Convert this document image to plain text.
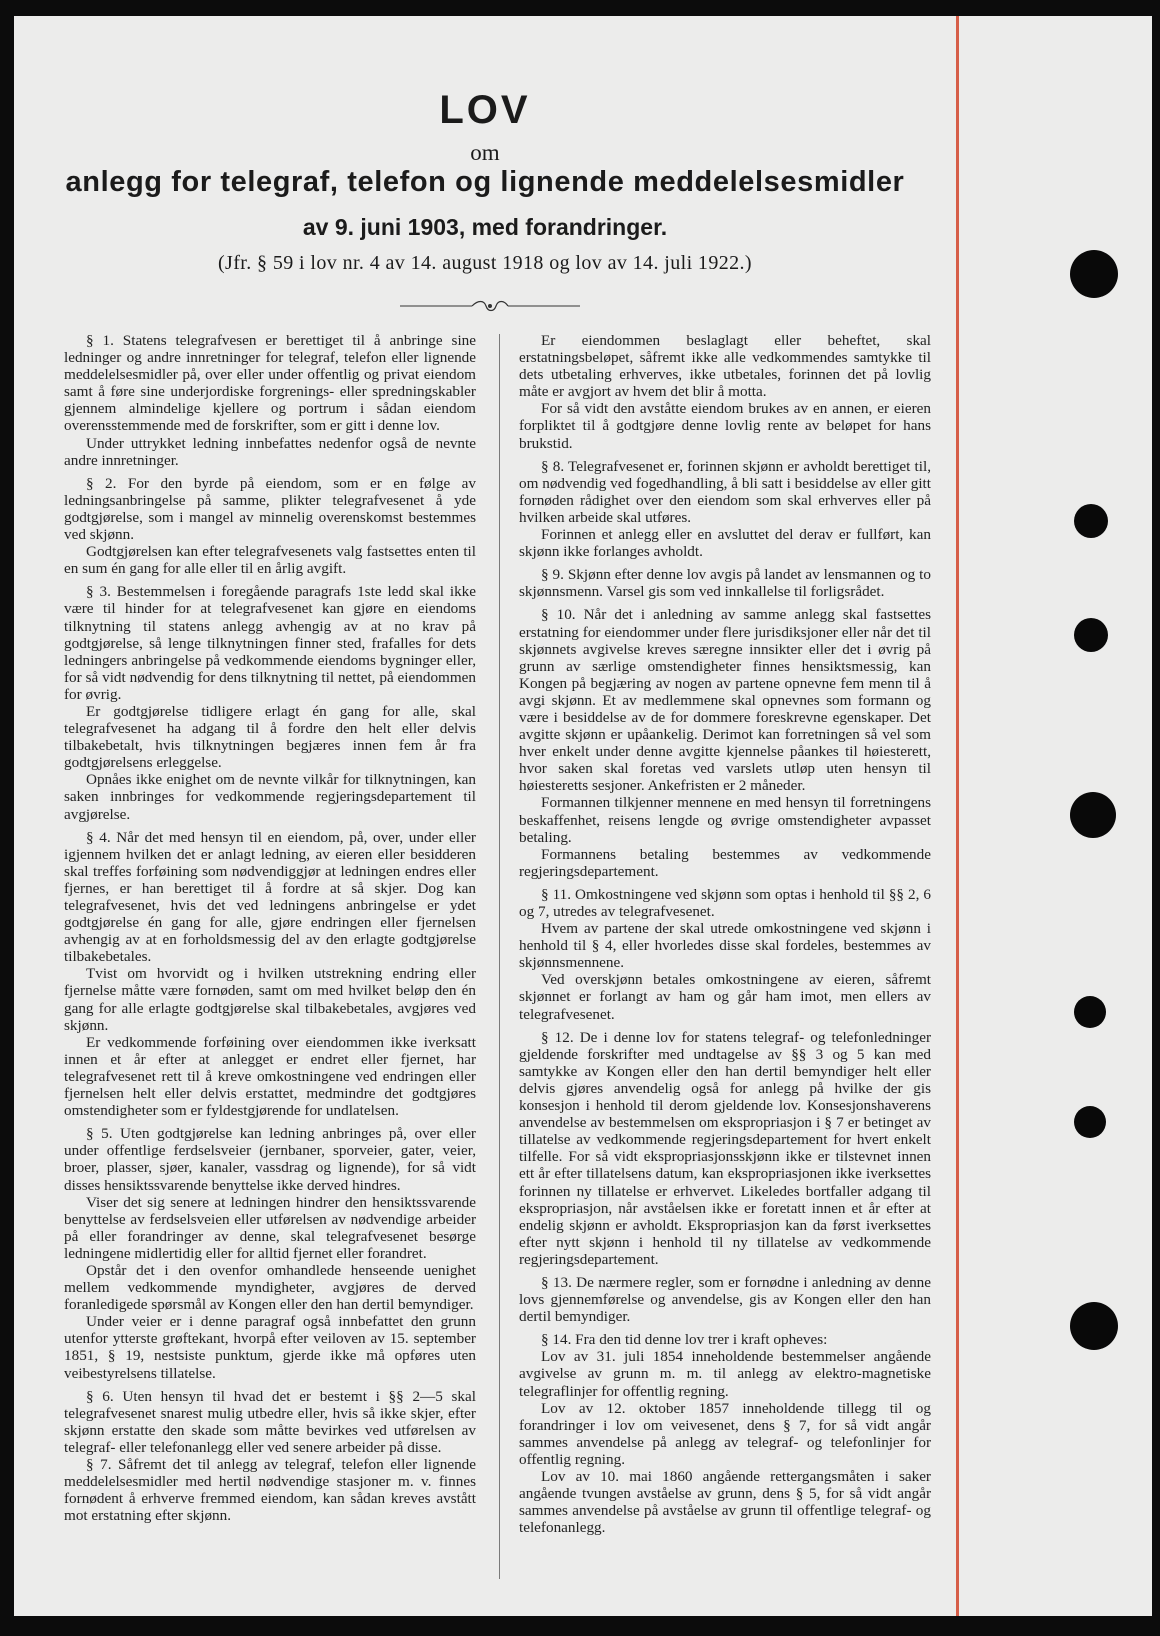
LOV
om
anlegg for telegraf, telefon og lignende meddelelsesmidler
av 9. juni 1903, med forandringer.
(Jfr. § 59 i lov nr. 4 av 14. august 1918 og lov av 14. juli 1922.)

§ 1. Statens telegrafvesen er berettiget til å anbringe sine ledninger og andre innretninger for telegraf, telefon eller lignende meddelelsesmidler på, over eller under offentlig og privat eiendom samt å føre sine underjordiske forgrenings- eller spredningskabler gjennem almindelige kjellere og portrum i sådan eiendom overensstemmende med de forskrifter, som er gitt i denne lov.

Under uttrykket ledning innbefattes nedenfor også de nevnte andre innretninger.

§ 2. For den byrde på eiendom, som er en følge av ledningsanbringelse på samme, plikter telegrafvesenet å yde godtgjørelse, som i mangel av minnelig overenskomst bestemmes ved skjønn.

Godtgjørelsen kan efter telegrafvesenets valg fastsettes enten til en sum én gang for alle eller til en årlig avgift.

§ 3. Bestemmelsen i foregående paragrafs 1ste ledd skal ikke være til hinder for at telegrafvesenet kan gjøre en eiendoms tilknytning til statens anlegg avhengig av at no krav på godtgjørelse, så lenge tilknytningen finner sted, frafalles for dets ledningers anbringelse på vedkommende eiendoms bygninger eller, for så vidt nødvendig for dens tilknytning til nettet, på eiendommen for øvrig.

Er godtgjørelse tidligere erlagt én gang for alle, skal telegrafvesenet ha adgang til å fordre den helt eller delvis tilbakebetalt, hvis tilknytningen begjæres innen fem år fra godtgjørelsens erleggelse.

Opnåes ikke enighet om de nevnte vilkår for tilknytningen, kan saken innbringes for vedkommende regjeringsdepartement til avgjørelse.

§ 4. Når det med hensyn til en eiendom, på, over, under eller igjennem hvilken det er anlagt ledning, av eieren eller besidderen skal treffes forføining som nødvendiggjør at ledningen endres eller fjernes, er han berettiget til å fordre at så skjer. Dog kan telegrafvesenet, hvis det ved ledningens anbringelse er ydet godtgjørelse én gang for alle, gjøre endringen eller fjernelsen avhengig av at en forholdsmessig del av den erlagte godtgjørelse tilbakebetales.

Tvist om hvorvidt og i hvilken utstrekning endring eller fjernelse måtte være fornøden, samt om med hvilket beløp den én gang for alle erlagte godtgjørelse skal tilbakebetales, avgjøres ved skjønn.

Er vedkommende forføining over eiendommen ikke iverksatt innen et år efter at anlegget er endret eller fjernet, har telegrafvesenet rett til å kreve omkostningene ved endringen eller fjernelsen helt eller delvis erstattet, medmindre det godtgjøres omstendigheter som er fyldestgjørende for undlatelsen.

§ 5. Uten godtgjørelse kan ledning anbringes på, over eller under offentlige ferdselsveier (jernbaner, sporveier, gater, veier, broer, plasser, sjøer, kanaler, vassdrag og lignende), for så vidt disses hensiktssvarende benyttelse ikke derved hindres.

Viser det sig senere at ledningen hindrer den hensiktssvarende benyttelse av ferdselsveien eller utførelsen av nødvendige arbeider på eller forandringer av denne, skal telegrafvesenet besørge ledningene midlertidig eller for alltid fjernet eller forandret.

Opstår det i den ovenfor omhandlede henseende uenighet mellem vedkommende myndigheter, avgjøres de derved foranledigede spørsmål av Kongen eller den han dertil bemyndiger.

Under veier er i denne paragraf også innbefattet den grunn utenfor ytterste grøftekant, hvorpå efter veiloven av 15. september 1851, § 19, nestsiste punktum, gjerde ikke må opføres uten veibestyrelsens tillatelse.

§ 6. Uten hensyn til hvad det er bestemt i §§ 2—5 skal telegrafvesenet snarest mulig utbedre eller, hvis så ikke skjer, efter skjønn erstatte den skade som måtte bevirkes ved utførelsen av telegraf- eller telefonanlegg eller ved senere arbeider på disse.

§ 7. Såfremt det til anlegg av telegraf, telefon eller lignende meddelelsesmidler med hertil nødvendige stasjoner m. v. finnes fornødent å erhverve fremmed eiendom, kan sådan kreves avstått mot erstatning efter skjønn.

Er eiendommen beslaglagt eller beheftet, skal erstatningsbeløpet, såfremt ikke alle vedkommendes samtykke til dets utbetaling erhverves, ikke utbetales, forinnen det på lovlig måte er avgjort av hvem det blir å motta.

For så vidt den avståtte eiendom brukes av en annen, er eieren forpliktet til å godtgjøre denne lovlig rente av beløpet for hans brukstid.

§ 8. Telegrafvesenet er, forinnen skjønn er avholdt berettiget til, om nødvendig ved fogedhandling, å bli satt i besiddelse av eller gitt fornøden rådighet over den eiendom som skal erhverves eller på hvilken arbeide skal utføres.

Forinnen et anlegg eller en avsluttet del derav er fullført, kan skjønn ikke forlanges avholdt.

§ 9. Skjønn efter denne lov avgis på landet av lensmannen og to skjønnsmenn. Varsel gis som ved innkallelse til forligsrådet.

§ 10. Når det i anledning av samme anlegg skal fastsettes erstatning for eiendommer under flere jurisdiksjoner eller når det til skjønnets avgivelse kreves særegne innsikter eller det i øvrig på grunn av særlige omstendigheter finnes hensiktsmessig, kan Kongen på begjæring av nogen av partene opnevne fem menn til å avgi skjønn. Et av medlemmene skal opnevnes som formann og være i besiddelse av de for dommere foreskrevne egenskaper. Det avgitte skjønn er upåankelig. Derimot kan forretningen så vel som hver enkelt under denne avgitte kjennelse påankes til høiesterett, hvor saken skal foretas ved varslets utløp uten hensyn til høiesteretts sesjoner. Ankefristen er 2 måneder.

Formannen tilkjenner mennene en med hensyn til forretningens beskaffenhet, reisens lengde og øvrige omstendigheter avpasset betaling.

Formannens betaling bestemmes av vedkommende regjeringsdepartement.

§ 11. Omkostningene ved skjønn som optas i henhold til §§ 2, 6 og 7, utredes av telegrafvesenet.

Hvem av partene der skal utrede omkostningene ved skjønn i henhold til § 4, eller hvorledes disse skal fordeles, bestemmes av skjønnsmennene.

Ved overskjønn betales omkostningene av eieren, såfremt skjønnet er forlangt av ham og går ham imot, men ellers av telegrafvesenet.

§ 12. De i denne lov for statens telegraf- og telefonledninger gjeldende forskrifter med undtagelse av §§ 3 og 5 kan med samtykke av Kongen eller den han dertil bemyndiger helt eller delvis gjøres anvendelig også for anlegg på hvilke der gis konsesjon i henhold til derom gjeldende lov. Konsesjonshaverens anvendelse av bestemmelsen om ekspropriasjon i § 7 er betinget av tillatelse av vedkommende regjeringsdepartement for hvert enkelt tilfelle. For så vidt ekspropriasjonsskjønn ikke er tilstevnet innen ett år efter tillatelsens datum, kan ekspropriasjonen ikke iverksettes forinnen ny tillatelse er erhvervet. Likeledes bortfaller adgang til ekspropriasjon, når avståelsen ikke er foretatt innen et år efter at endelig skjønn er avholdt. Ekspropriasjon kan da først iverksettes efter nytt skjønn i henhold til ny tillatelse av vedkommende regjeringsdepartement.

§ 13. De nærmere regler, som er fornødne i anledning av denne lovs gjennemførelse og anvendelse, gis av Kongen eller den han dertil bemyndiger.

§ 14. Fra den tid denne lov trer i kraft opheves:

Lov av 31. juli 1854 inneholdende bestemmelser angående avgivelse av grunn m. m. til anlegg av elektro-magnetiske telegraflinjer for offentlig regning.

Lov av 12. oktober 1857 inneholdende tillegg til og forandringer i lov om veivesenet, dens § 7, for så vidt angår sammes anvendelse på anlegg av telegraf- og telefonlinjer for offentlig regning.

Lov av 10. mai 1860 angående rettergangsmåten i saker angående tvungen avståelse av grunn, dens § 5, for så vidt angår sammes anvendelse på avståelse av grunn til offentlige telegraf- og telefonanlegg.
